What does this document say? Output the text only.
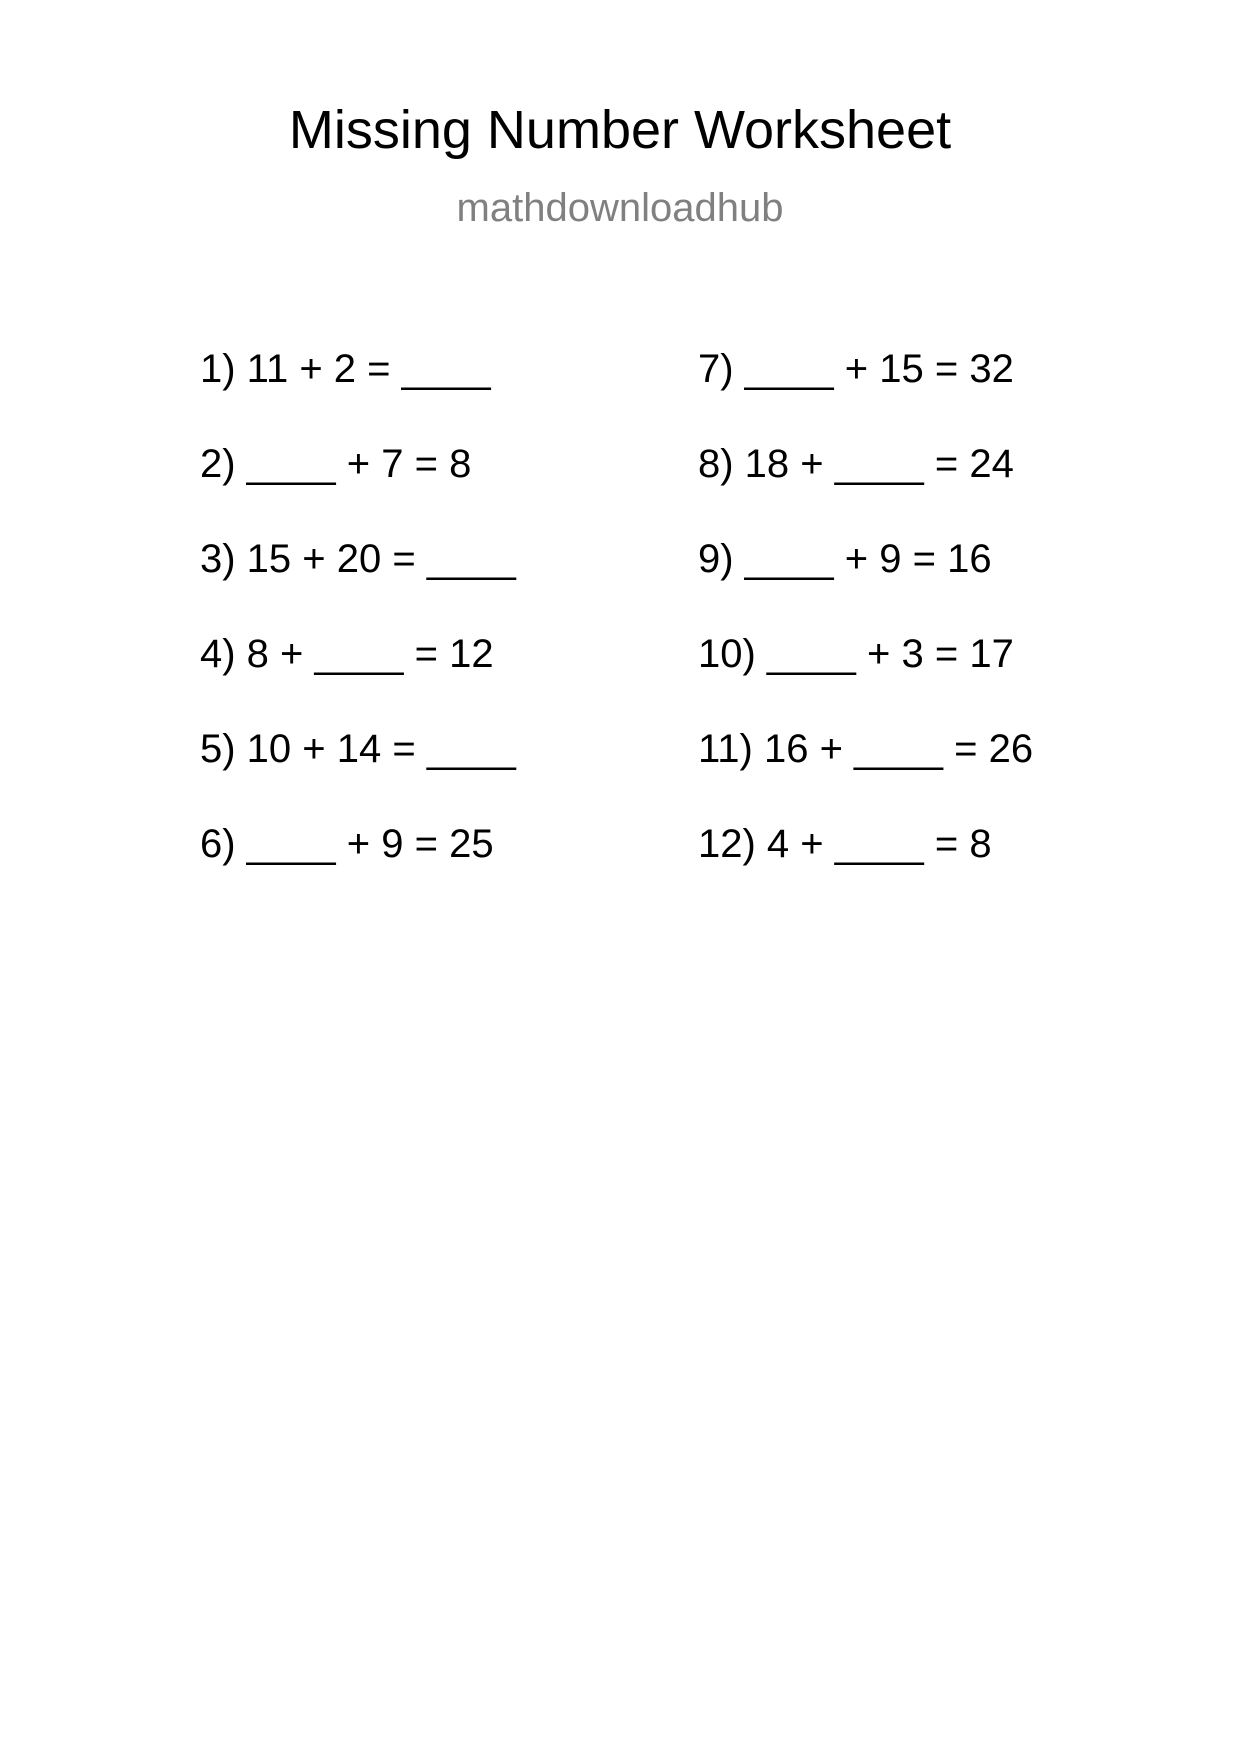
Missing Number Worksheet
mathdownloadhub
1) 11 + 2 = ____
2) ____ + 7 = 8
3) 15 + 20 = ____
4) 8 + ____ = 12
5) 10 + 14 = ____
6) ____ + 9 = 25
7) ____ + 15 = 32
8) 18 + ____ = 24
9) ____ + 9 = 16
10) ____ + 3 = 17
11) 16 + ____ = 26
12) 4 + ____ = 8
